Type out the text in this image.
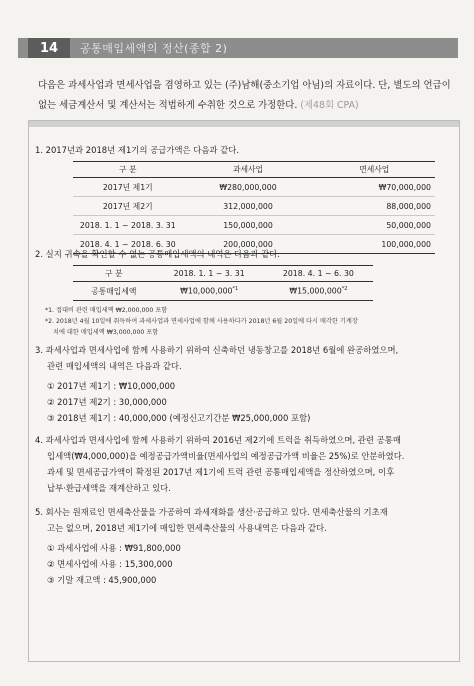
14	공통매입세액의 정산(종합 2)
다음은 과세사업과 면세사업을 겸영하고 있는 (주)남해(중소기업 아님)의 자료이다. 단, 별도의 언급이 없는 세금계산서 및 계산서는 적법하게 수취한 것으로 가정한다. (제48회 CPA)
1. 2017년과 2018년 제1기의 공급가액은 다음과 같다.
구 분	과세사업	면세사업
2017년 제1기	₩280,000,000	₩70,000,000
2017년 제2기	312,000,000	88,000,000
2018. 1. 1 ~ 2018. 3. 31	150,000,000	50,000,000
2018. 4. 1 ~ 2018. 6. 30	200,000,000	100,000,000
2. 실지 귀속을 확인할 수 없는 공통매입세액의 내역은 다음과 같다.
구 분	2018. 1. 1 ~ 3. 31	2018. 4. 1 ~ 6. 30
공통매입세액	₩10,000,000$^{*1}$	₩15,000,000$^{*2}$
*1. 접대비 관련 매입세액 ₩2,000,000 포함
*2. 2018년 4월 10일에 취득하여 과세사업과 면세사업에 함께 사용하다가 2018년 6월 20일에 다시 매각한 기계장
치에 대한 매입세액 ₩3,000,000 포함
3. 과세사업과 면세사업에 함께 사용하기 위하여 신축하던 냉동창고를 2018년 6월에 완공하였으며,
관련 매입세액의 내역은 다음과 같다.
① 2017년 제1기 : ₩10,000,000
② 2017년 제2기 : 30,000,000
③ 2018년 제1기 : 40,000,000 (예정신고기간분 ₩25,000,000 포함)
4. 과세사업과 면세사업에 함께 사용하기 위하여 2016년 제2기에 트럭을 취득하였으며, 관련 공통매
입세액(₩4,000,000)을 예정공급가액비율(면세사업의 예정공급가액 비율은 25%)로 안분하였다.
과세 및 면세공급가액이 확정된 2017년 제1기에 트럭 관련 공통매입세액을 정산하였으며, 이후
납부·환급세액을 재계산하고 있다.
5. 회사는 원재료인 면세축산물을 가공하여 과세재화를 생산·공급하고 있다. 면세축산물의 기초재
고는 없으며, 2018년 제1기에 매입한 면세축산물의 사용내역은 다음과 같다.
① 과세사업에 사용 : ₩91,800,000
② 면세사업에 사용 : 15,300,000
③ 기말 재고액 : 45,900,000
